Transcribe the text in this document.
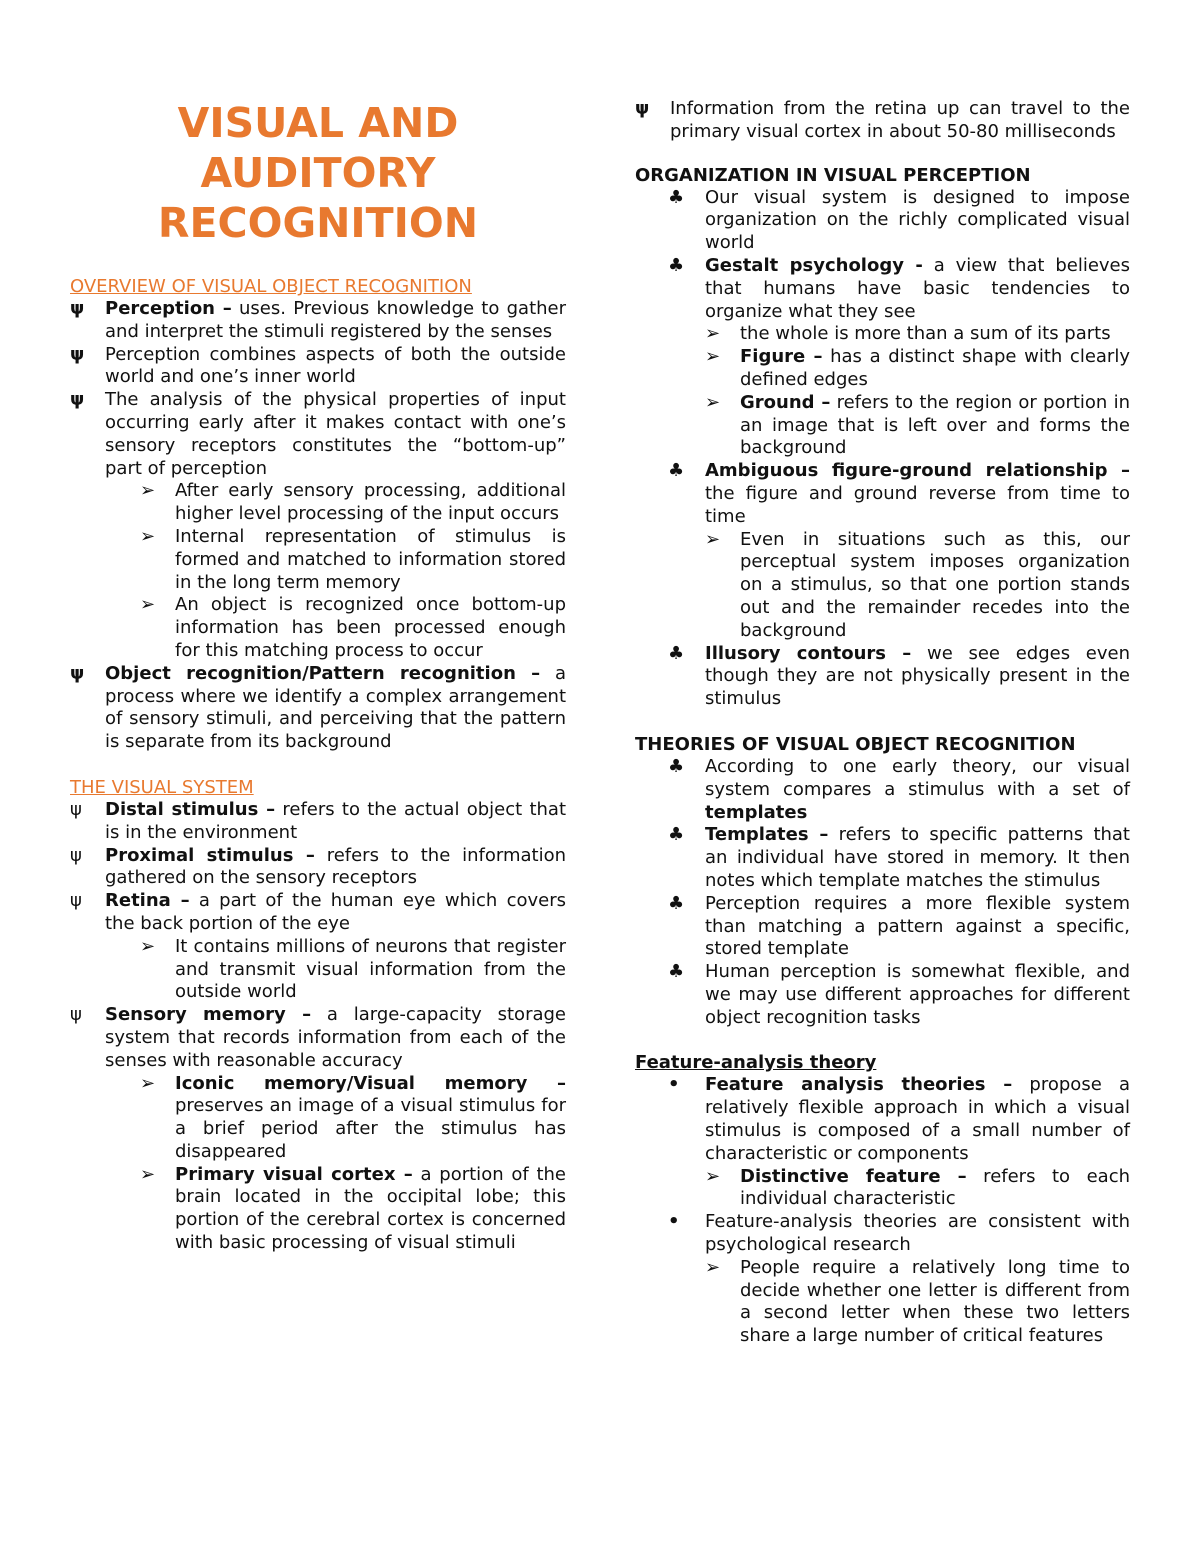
VISUAL AND
AUDITORY
RECOGNITION
OVERVIEW OF VISUAL OBJECT RECOGNITION
ψ	Perception – uses. Previous knowledge to gather and interpret the stimuli registered by the senses
ψ	Perception combines aspects of both the outside world and one’s inner world
ψ	The analysis of the physical properties of input occurring early after it makes contact with one’s sensory receptors constitutes the “bottom-up” part of perception
➢	After early sensory processing, additional higher level processing of the input occurs
➢	Internal representation of stimulus is formed and matched to information stored in the long term memory
➢	An object is recognized once bottom-up information has been processed enough for this matching process to occur
ψ	Object recognition/Pattern recognition – a process where we identify a complex arrangement of sensory stimuli, and perceiving that the pattern is separate from its background
THE VISUAL SYSTEM
ψ	Distal stimulus – refers to the actual object that is in the environment
ψ	Proximal stimulus – refers to the information gathered on the sensory receptors
ψ	Retina – a part of the human eye which covers the back portion of the eye
➢	It contains millions of neurons that register and transmit visual information from the outside world
ψ	Sensory memory – a large-capacity storage system that records information from each of the senses with reasonable accuracy
➢	Iconic memory/Visual memory – preserves an image of a visual stimulus for a brief period after the stimulus has disappeared
➢	Primary visual cortex – a portion of the brain located in the occipital lobe; this portion of the cerebral cortex is concerned with basic processing of visual stimuli
ψ	Information from the retina up can travel to the primary visual cortex in about 50-80 milliseconds
ORGANIZATION IN VISUAL PERCEPTION
♣	Our visual system is designed to impose organization on the richly complicated visual world
♣	Gestalt psychology - a view that believes that humans have basic tendencies to organize what they see
➢	the whole is more than a sum of its parts
➢	Figure – has a distinct shape with clearly defined edges
➢	Ground – refers to the region or portion in an image that is left over and forms the background
♣	Ambiguous figure-ground relationship – the figure and ground reverse from time to time
➢	Even in situations such as this, our perceptual system imposes organization on a stimulus, so that one portion stands out and the remainder recedes into the background
♣	Illusory contours – we see edges even though they are not physically present in the stimulus
THEORIES OF VISUAL OBJECT RECOGNITION
♣	According to one early theory, our visual system compares a stimulus with a set of templates
♣	Templates – refers to specific patterns that an individual have stored in memory. It then notes which template matches the stimulus
♣	Perception requires a more flexible system than matching a pattern against a specific, stored template
♣	Human perception is somewhat flexible, and we may use different approaches for different object recognition tasks
Feature-analysis theory
•	Feature analysis theories – propose a relatively flexible approach in which a visual stimulus is composed of a small number of characteristic or components
➢	Distinctive feature – refers to each individual characteristic
•	Feature-analysis theories are consistent with psychological research
➢	People require a relatively long time to decide whether one letter is different from a second letter when these two letters share a large number of critical features
